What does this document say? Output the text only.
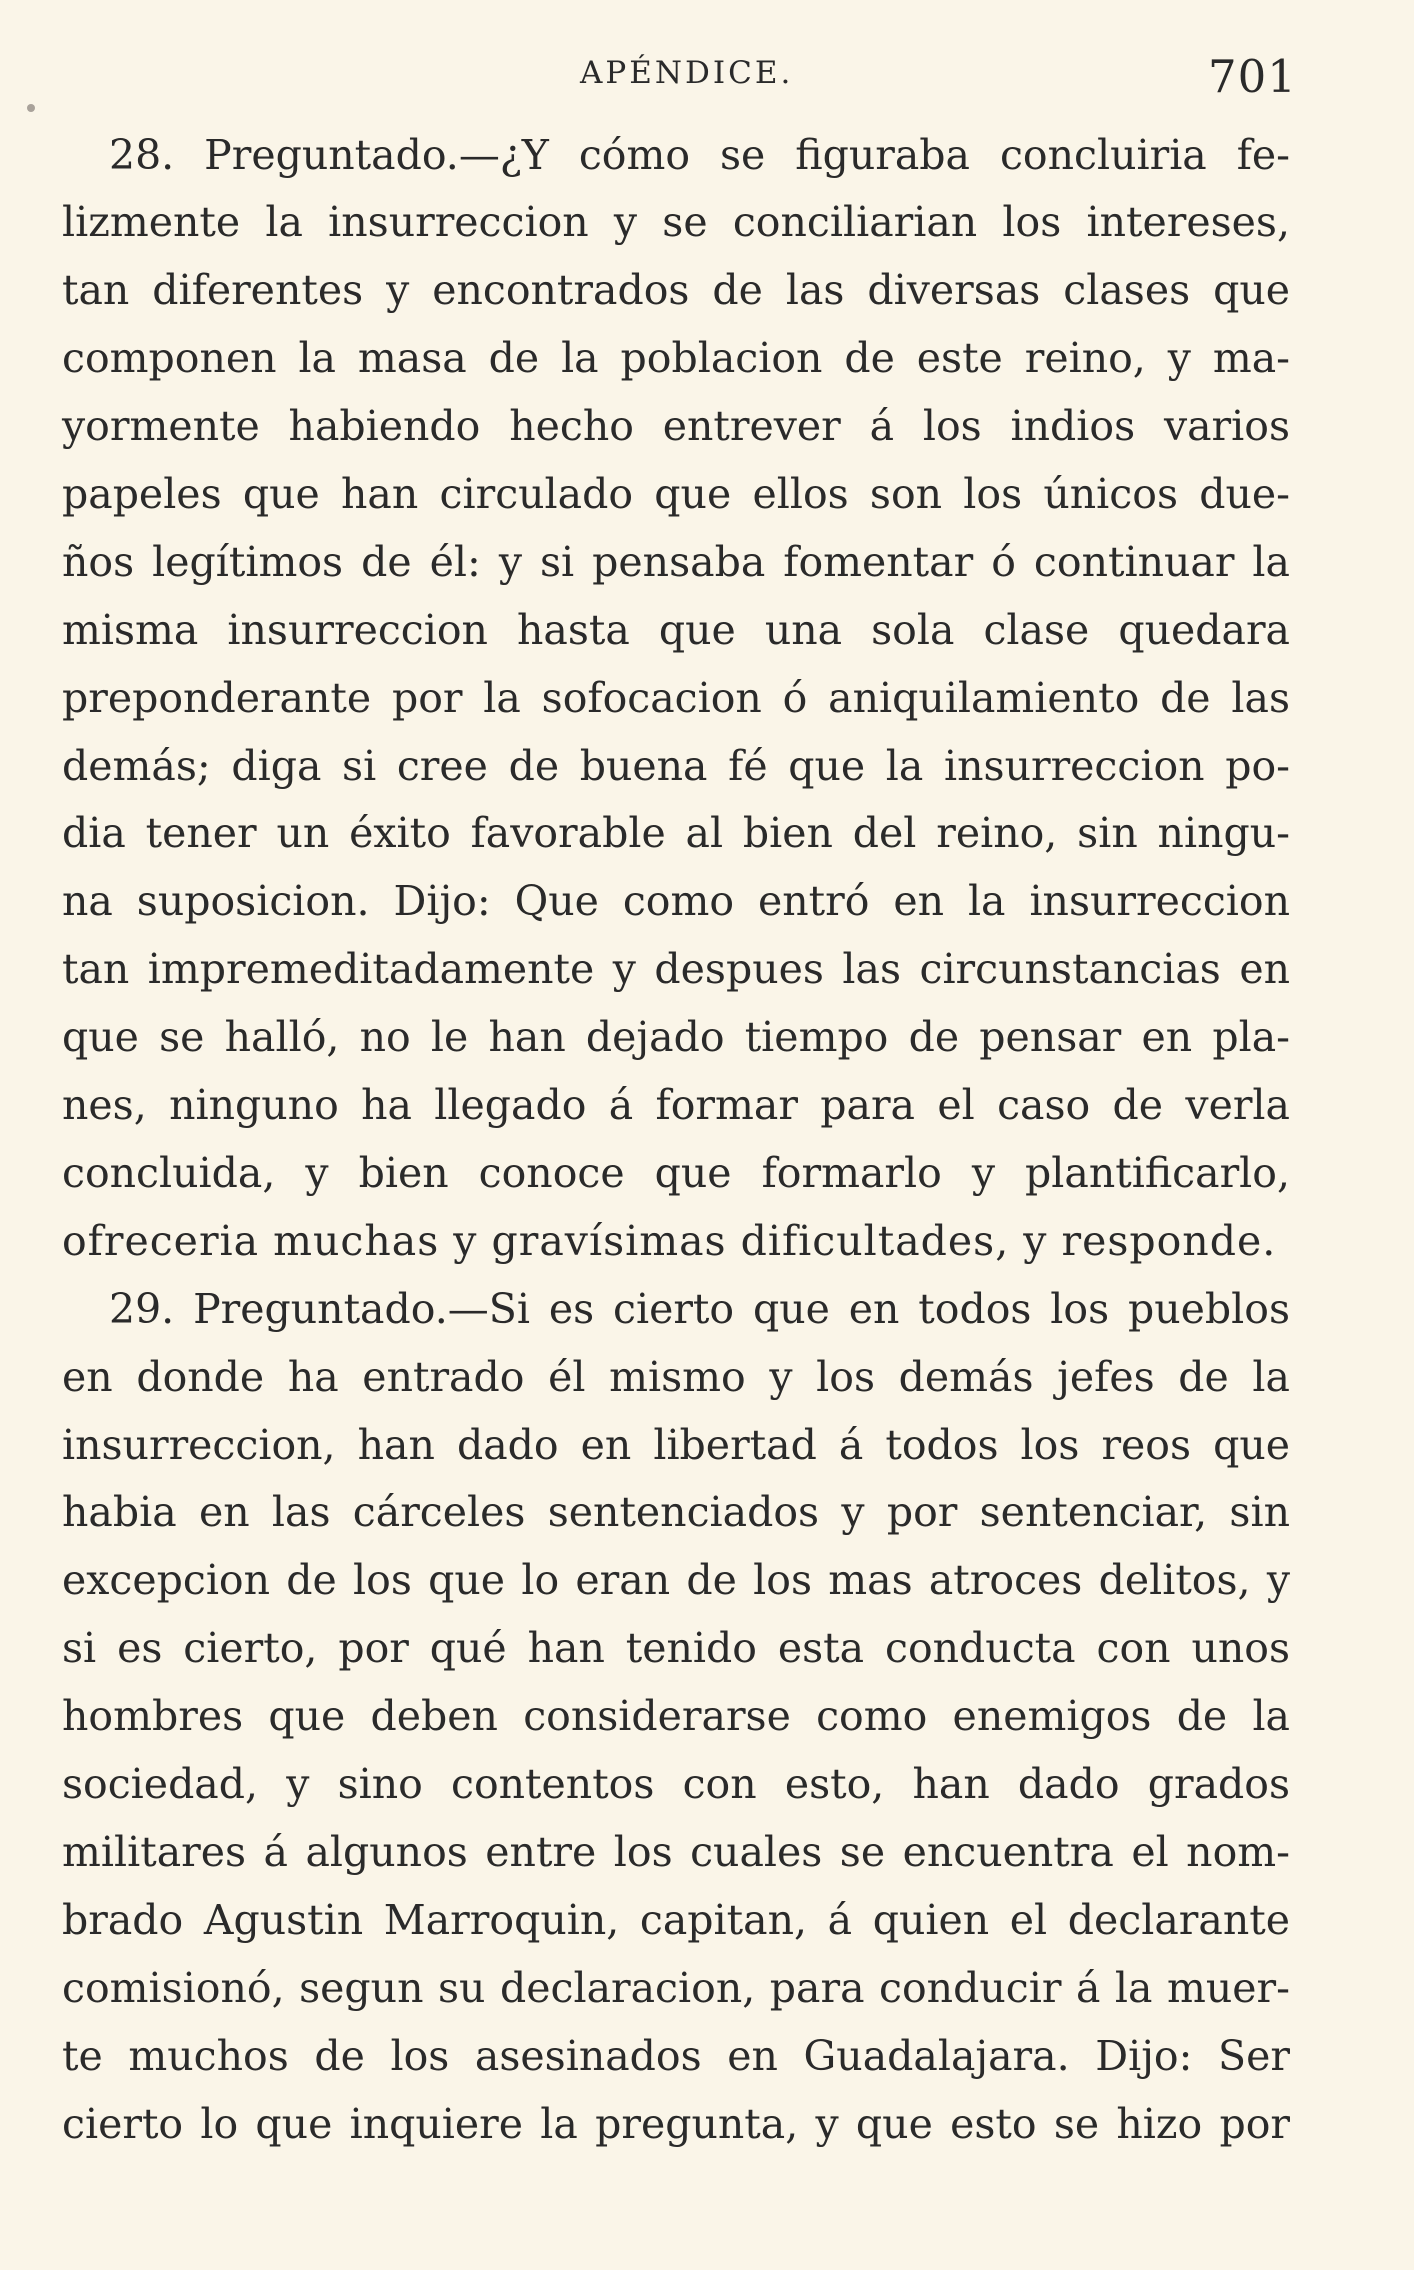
APÉNDICE.	701
28. Preguntado.—¿Y cómo se figuraba concluiria fe-
lizmente la insurreccion y se conciliarian los intereses,
tan diferentes y encontrados de las diversas clases que
componen la masa de la poblacion de este reino, y ma-
yormente habiendo hecho entrever á los indios varios
papeles que han circulado que ellos son los únicos due-
ños legítimos de él: y si pensaba fomentar ó continuar la
misma insurreccion hasta que una sola clase quedara
preponderante por la sofocacion ó aniquilamiento de las
demás; diga si cree de buena fé que la insurreccion po-
dia tener un éxito favorable al bien del reino, sin ningu-
na suposicion. Dijo: Que como entró en la insurreccion
tan impremeditadamente y despues las circunstancias en
que se halló, no le han dejado tiempo de pensar en pla-
nes, ninguno ha llegado á formar para el caso de verla
concluida, y bien conoce que formarlo y plantificarlo,
ofreceria muchas y gravísimas dificultades, y responde.
29. Preguntado.—Si es cierto que en todos los pueblos
en donde ha entrado él mismo y los demás jefes de la
insurreccion, han dado en libertad á todos los reos que
habia en las cárceles sentenciados y por sentenciar, sin
excepcion de los que lo eran de los mas atroces delitos, y
si es cierto, por qué han tenido esta conducta con unos
hombres que deben considerarse como enemigos de la
sociedad, y sino contentos con esto, han dado grados
militares á algunos entre los cuales se encuentra el nom-
brado Agustin Marroquin, capitan, á quien el declarante
comisionó, segun su declaracion, para conducir á la muer-
te muchos de los asesinados en Guadalajara. Dijo: Ser
cierto lo que inquiere la pregunta, y que esto se hizo por
